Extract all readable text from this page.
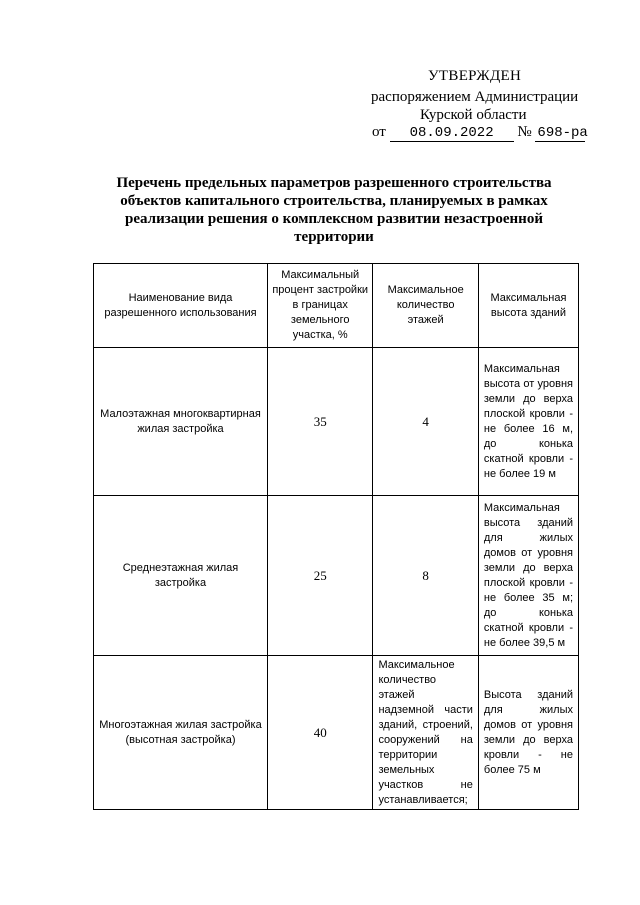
УТВЕРЖДЕН
распоряжением Администрации
Курской области
от 08.09.2022 № 698-ра
Перечень предельных параметров разрешенного строительства объектов капитального строительства, планируемых в рамках реализации решения о комплексном развитии незастроенной территории
Наименование вида разрешенного использования	Максимальный процент застройки в границах земельного участка, %	Максимальное количество этажей	Максимальная высота зданий
Малоэтажная многоквартирная жилая застройка	35	4	Максимальная высота от уровня земли до верха плоской кровли - не более 16 м, до конька скатной кровли - не более 19 м

Среднеэтажная жилая застройка	25	8	Максимальная высота зданий для жилых домов от уровня земли до верха плоской кровли - не более 35 м; до конька скатной кровли - не более 39,5 м

Многоэтажная жилая застройка (высотная застройка)	40	Максимальное количество этажей надземной части зданий, строений, сооружений на территории земельных участков не устанавливается;	Высота зданий для жилых домов от уровня земли до верха кровли - не более 75 м
